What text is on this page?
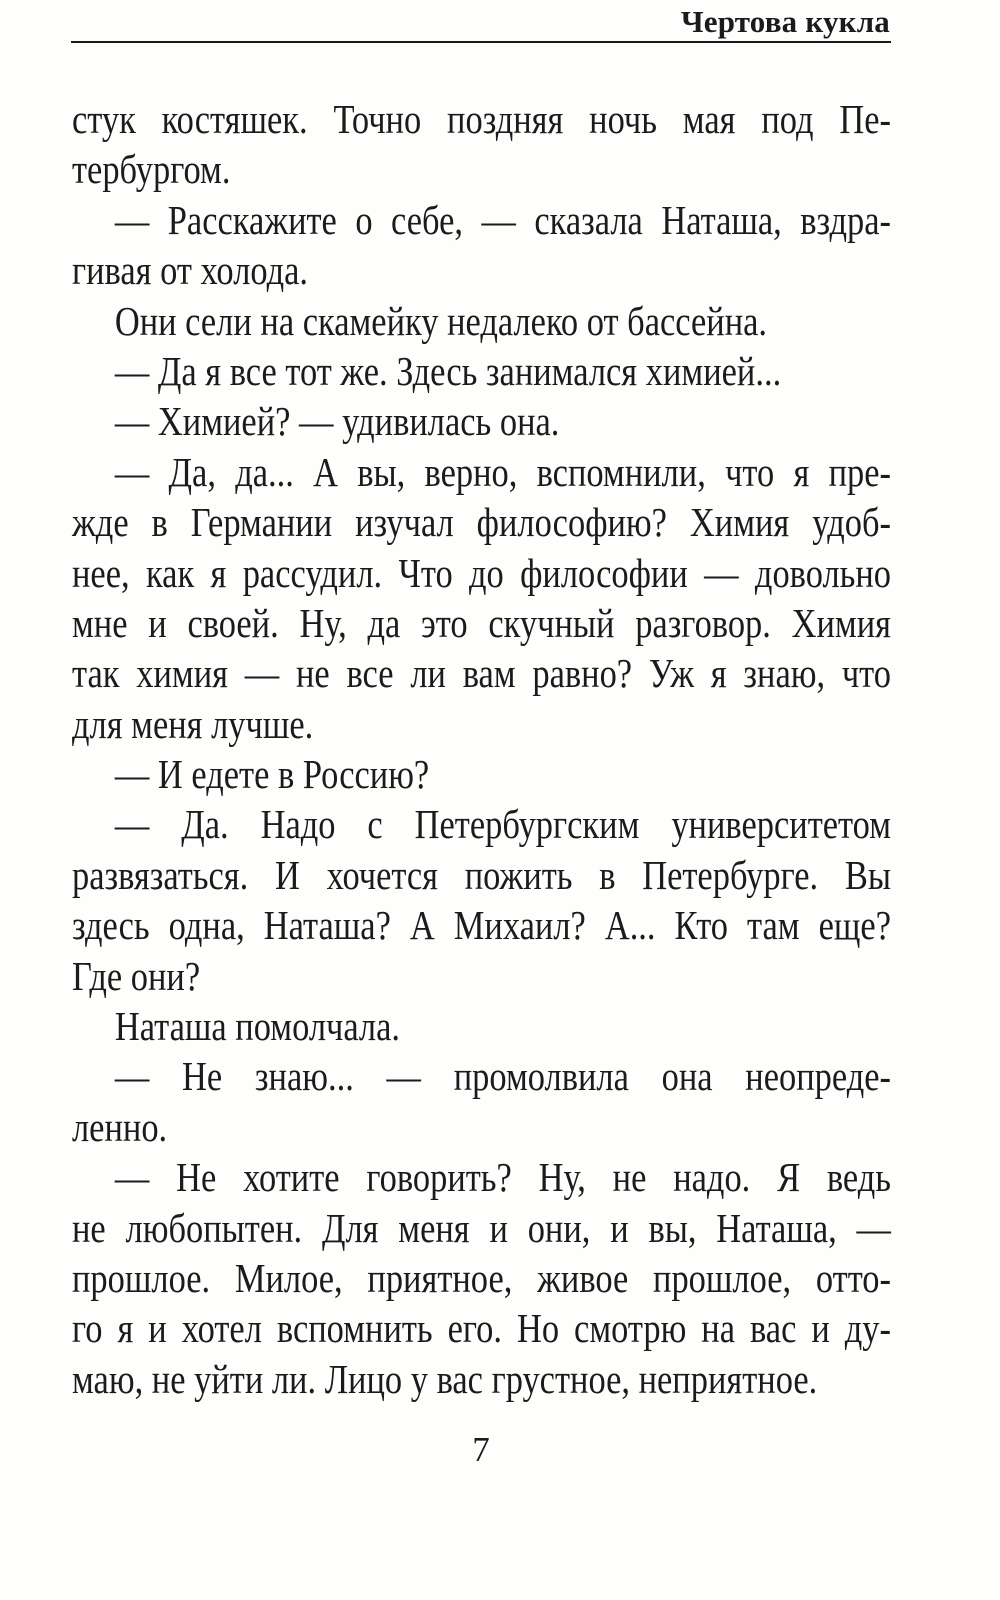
Чертова кукла
стук костяшек. Точно поздняя ночь мая под Пе-
тербургом.
— Расскажите о себе, — сказала Наташа, вздра-
гивая от холода.
Они сели на скамейку недалеко от бассейна.
— Да я все тот же. Здесь занимался химией...
— Химией? — удивилась она.
— Да, да... А вы, верно, вспомнили, что я пре-
жде в Германии изучал философию? Химия удоб-
нее, как я рассудил. Что до философии — довольно
мне и своей. Ну, да это скучный разговор. Химия
так химия — не все ли вам равно? Уж я знаю, что
для меня лучше.
— И едете в Россию?
— Да. Надо с Петербургским университетом
развязаться. И хочется пожить в Петербурге. Вы
здесь одна, Наташа? А Михаил? А... Кто там еще?
Где они?
Наташа помолчала.
— Не знаю... — промолвила она неопреде-
ленно.
— Не хотите говорить? Ну, не надо. Я ведь
не любопытен. Для меня и они, и вы, Наташа, —
прошлое. Милое, приятное, живое прошлое, отто-
го я и хотел вспомнить его. Но смотрю на вас и ду-
маю, не уйти ли. Лицо у вас грустное, неприятное.
7
